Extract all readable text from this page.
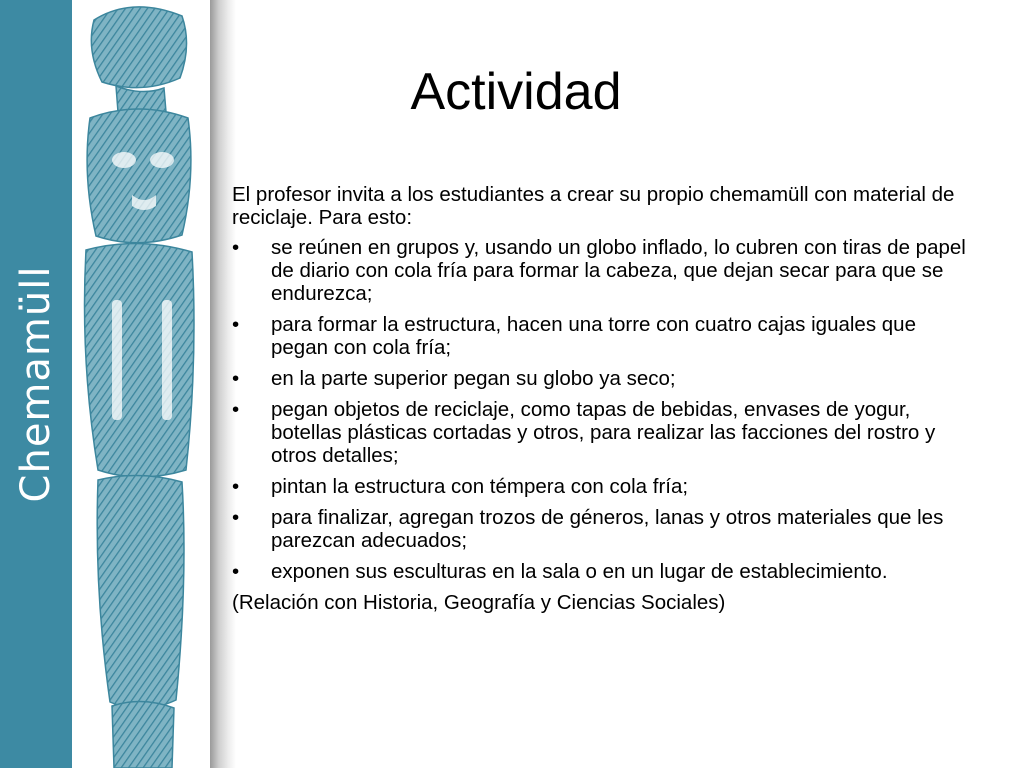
Chemamüll
Actividad

El profesor invita a los estudiantes a crear su propio chemamüll con material de reciclaje. Para esto:

• se reúnen en grupos y, usando un globo inflado, lo cubren con tiras de papel de diario con cola fría para formar la cabeza, que dejan secar para que se endurezca;
• para formar la estructura, hacen una torre con cuatro cajas iguales que pegan con cola fría;
• en la parte superior pegan su globo ya seco;
• pegan objetos de reciclaje, como tapas de bebidas, envases de yogur, botellas plásticas cortadas y otros, para realizar las facciones del rostro y otros detalles;
• pintan la estructura con témpera con cola fría;
• para finalizar, agregan trozos de géneros, lanas y otros materiales que les parezcan adecuados;
• exponen sus esculturas en la sala o en un lugar de establecimiento.

(Relación con Historia, Geografía y Ciencias Sociales)
